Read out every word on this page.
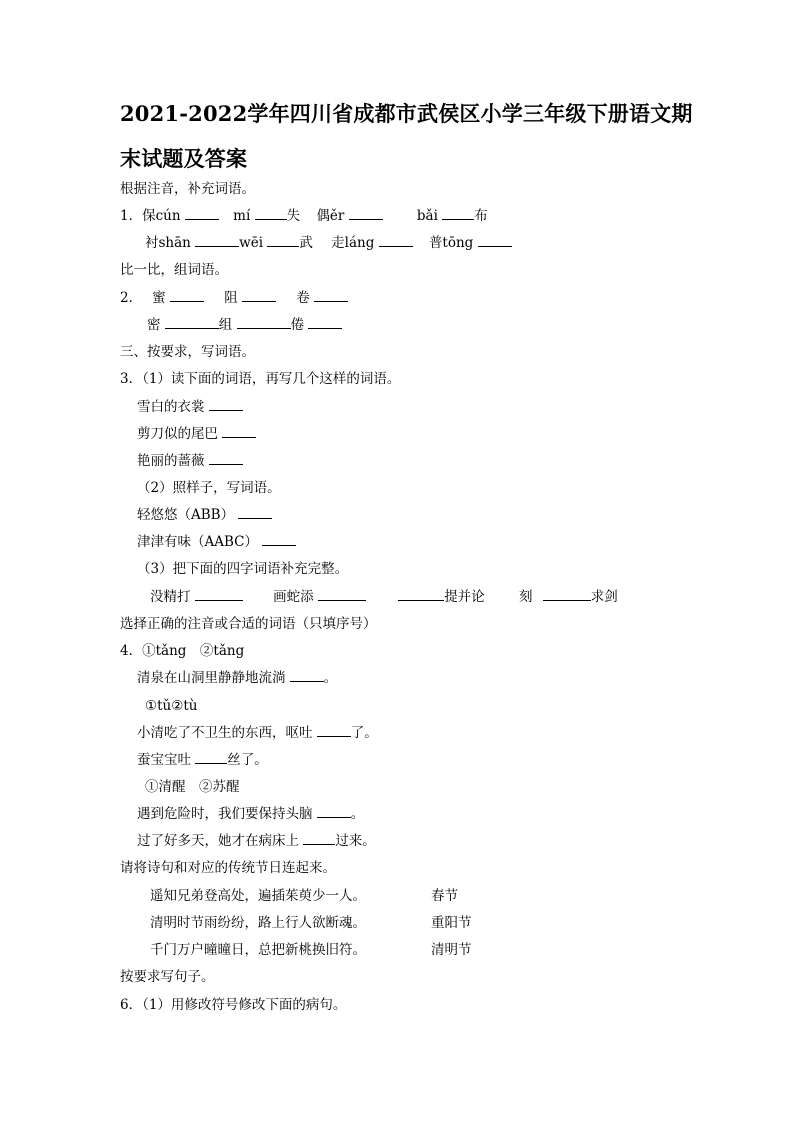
2021-2022学年四川省成都市武侯区小学三年级下册语文期
末试题及答案
根据注音，补充词语。
1．保cún	mí	失 偶ěr	bǎi	布
衬shān	wēi	武 走láng	普tōng
比一比，组词语。
2． 蜜	阻	卷
密	组	倦
三、按要求，写词语。
3．（1）读下面的词语，再写几个这样的词语。
雪白的衣裳
剪刀似的尾巴
艳丽的蔷薇
（2）照样子，写词语。
轻悠悠（ABB）
津津有味（AABC）
（3）把下面的四字词语补充完整。
没精打	画蛇添	提并论	刻	求剑
选择正确的注音或合适的词语（只填序号）
4．①tǎng　②tǎng
清泉在山洞里静静地流淌	。
①tǔ②tù
小清吃了不卫生的东西，呕吐	了。
蚕宝宝吐	丝了。
①清醒　②苏醒
遇到危险时，我们要保持头脑	。
过了好多天，她才在病床上	过来。
请将诗句和对应的传统节日连起来。
遥知兄弟登高处，遍插茱萸少一人。	春节
清明时节雨纷纷，路上行人欲断魂。	重阳节
千门万户曈曈日，总把新桃换旧符。	清明节
按要求写句子。
6．（1）用修改符号修改下面的病句。
